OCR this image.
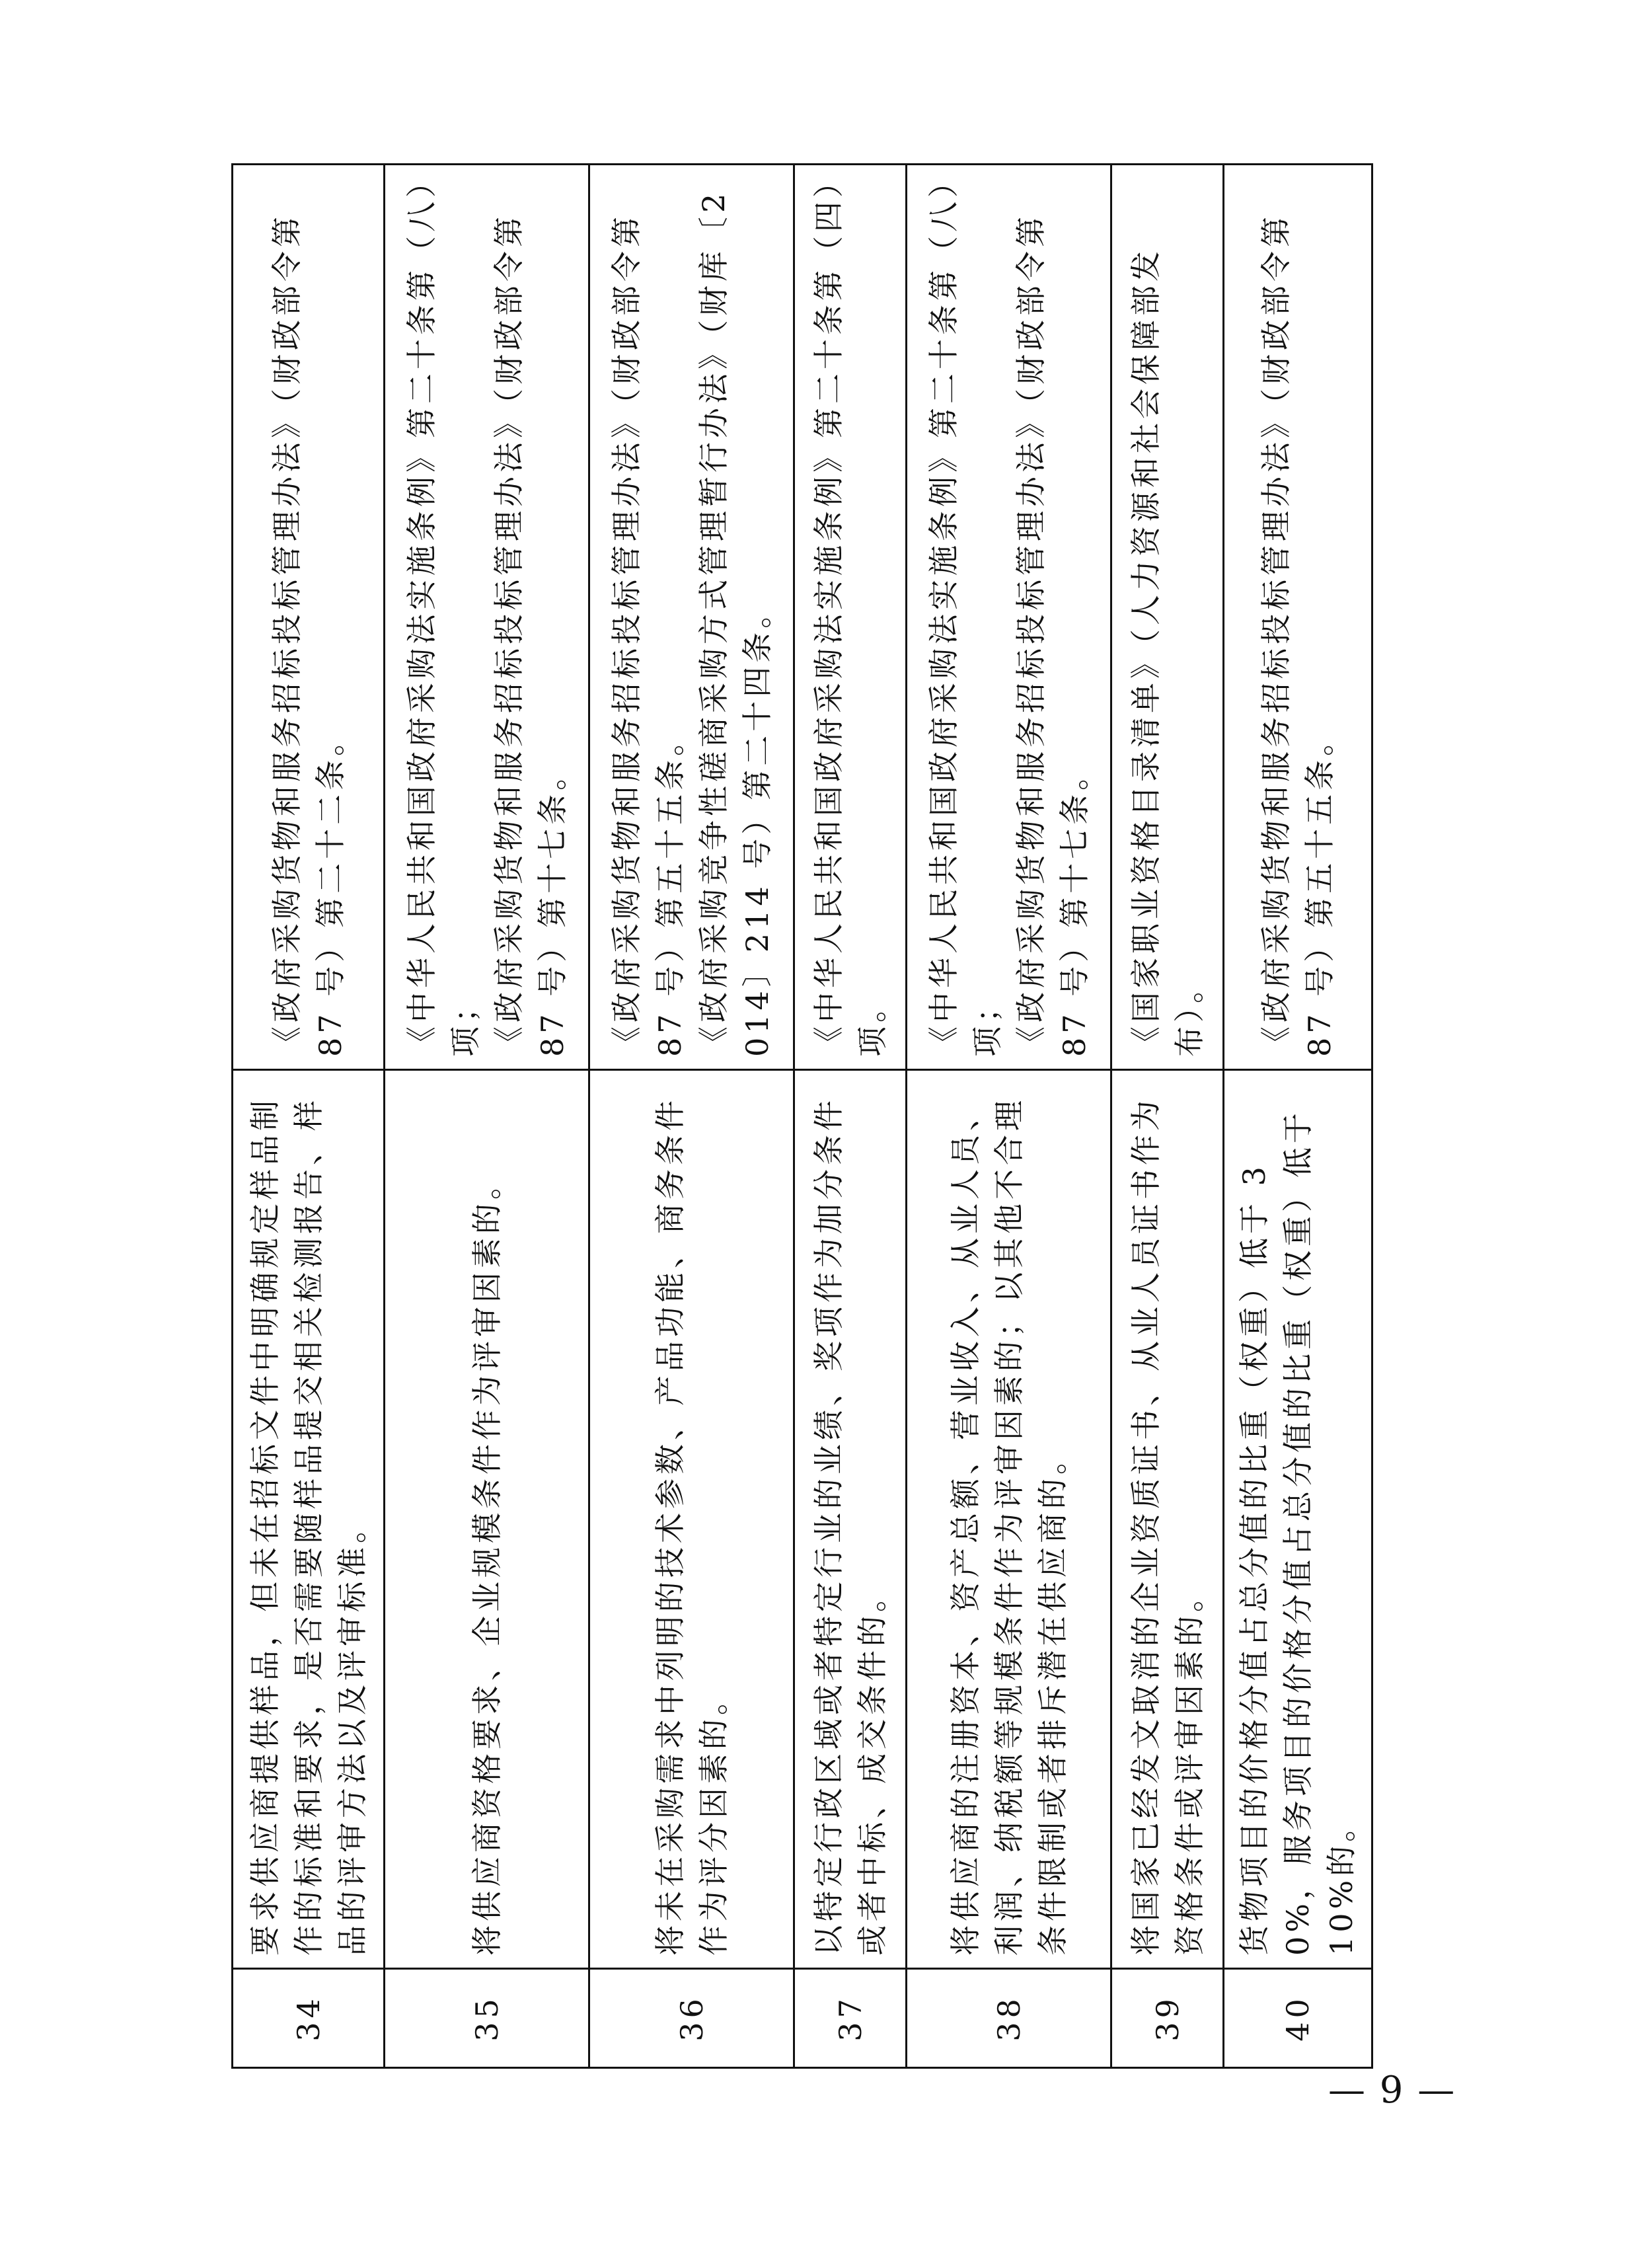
34	要求供应商提供样品，但未在招标文件中明确规定样品制作的标准和要求，是否需要随样品提交相关检测报告、样品的评审方法以及评审标准。	《政府采购货物和服务招标投标管理办法》（财政部令第 87 号）第二十二条。

35	将供应商资格要求、企业规模条件作为评审因素的。	《中华人民共和国政府采购法实施条例》第二十条第（八）项； 《政府采购货物和服务招标投标管理办法》（财政部令第 87 号）第十七条。

36	将未在采购需求中列明的技术参数、产品功能、商务条件作为评分因素的。	《政府采购货物和服务招标投标管理办法》（财政部令第 87 号）第五十五条。 《政府采购竞争性磋商采购方式管理暂行办法》（财库〔2014〕214 号）第二十四条。

37	以特定行政区域或者特定行业的业绩、奖项作为加分条件或者中标、成交条件的。	《中华人民共和国政府采购法实施条例》第二十条第（四）项。

38	将供应商的注册资本、资产总额、营业收入、从业人员、利润、纳税额等规模条件作为评审因素的；以其他不合理条件限制或者排斥潜在供应商的。	《中华人民共和国政府采购法实施条例》第二十条第（八）项； 《政府采购货物和服务招标投标管理办法》（财政部令第 87 号）第十七条。

39	将国家已经发文取消的企业资质证书、从业人员证书作为资格条件或评审因素的。	《国家职业资格目录清单》（人力资源和社会保障部发布）。

40	货物项目的价格分值占总分值的比重（权重）低于 30%，服务项目的价格分值占总分值的比重（权重）低于 10%的。	《政府采购货物和服务招标投标管理办法》（财政部令第 87 号）第五十五条。
— 9 —
